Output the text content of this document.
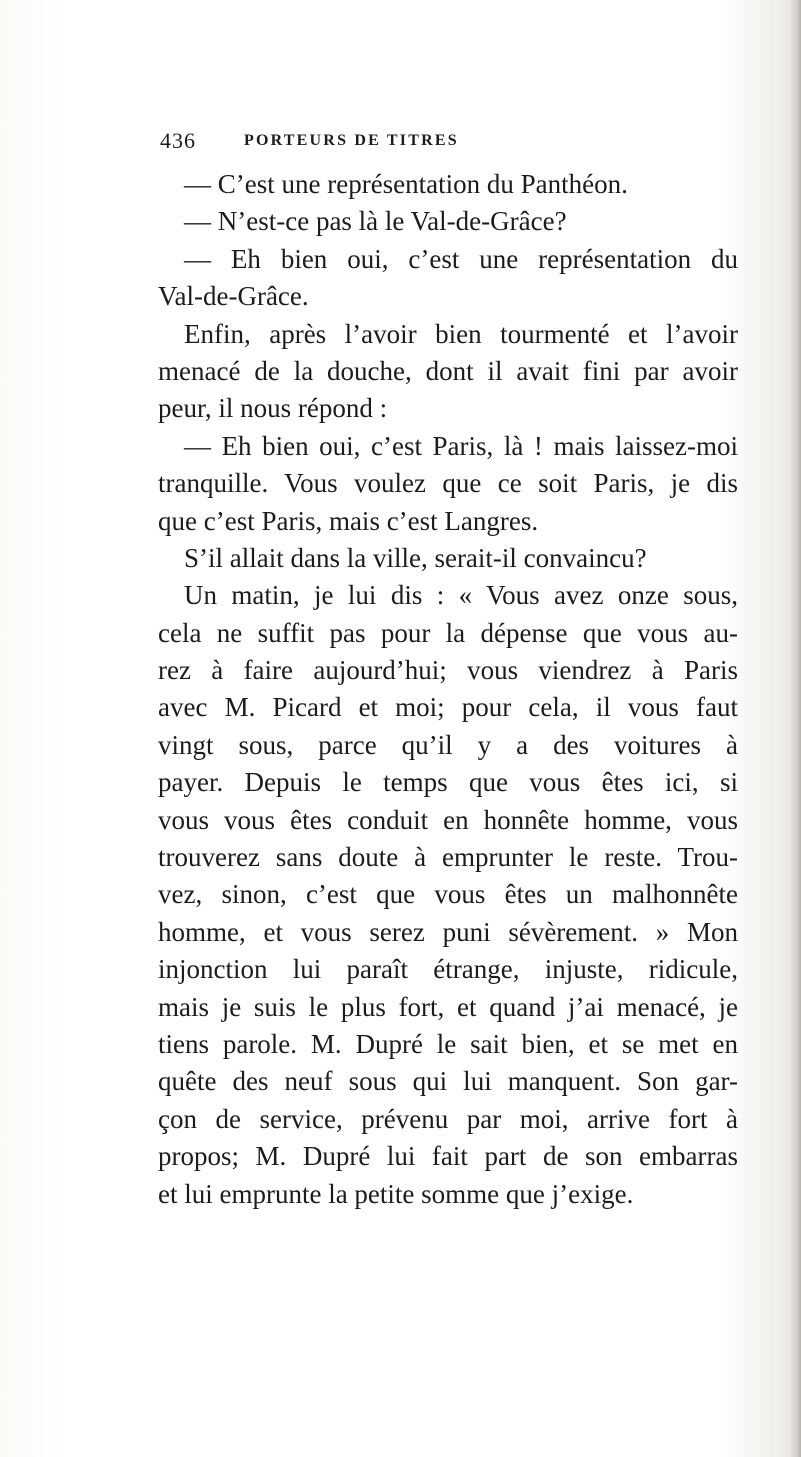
436	PORTEURS DE TITRES
— C’est une représentation du Panthéon.
— N’est-ce pas là le Val-de-Grâce?
— Eh bien oui, c’est une représentation du
Val-de-Grâce.
Enfin, après l’avoir bien tourmenté et l’avoir
menacé de la douche, dont il avait fini par avoir
peur, il nous répond :
— Eh bien oui, c’est Paris, là ! mais laissez-moi
tranquille. Vous voulez que ce soit Paris, je dis
que c’est Paris, mais c’est Langres.
S’il allait dans la ville, serait-il convaincu?
Un matin, je lui dis : « Vous avez onze sous,
cela ne suffit pas pour la dépense que vous au-
rez à faire aujourd’hui; vous viendrez à Paris
avec M. Picard et moi; pour cela, il vous faut
vingt sous, parce qu’il y a des voitures à
payer. Depuis le temps que vous êtes ici, si
vous vous êtes conduit en honnête homme, vous
trouverez sans doute à emprunter le reste. Trou-
vez, sinon, c’est que vous êtes un malhonnête
homme, et vous serez puni sévèrement. » Mon
injonction lui paraît étrange, injuste, ridicule,
mais je suis le plus fort, et quand j’ai menacé, je
tiens parole. M. Dupré le sait bien, et se met en
quête des neuf sous qui lui manquent. Son gar-
çon de service, prévenu par moi, arrive fort à
propos; M. Dupré lui fait part de son embarras
et lui emprunte la petite somme que j’exige.
